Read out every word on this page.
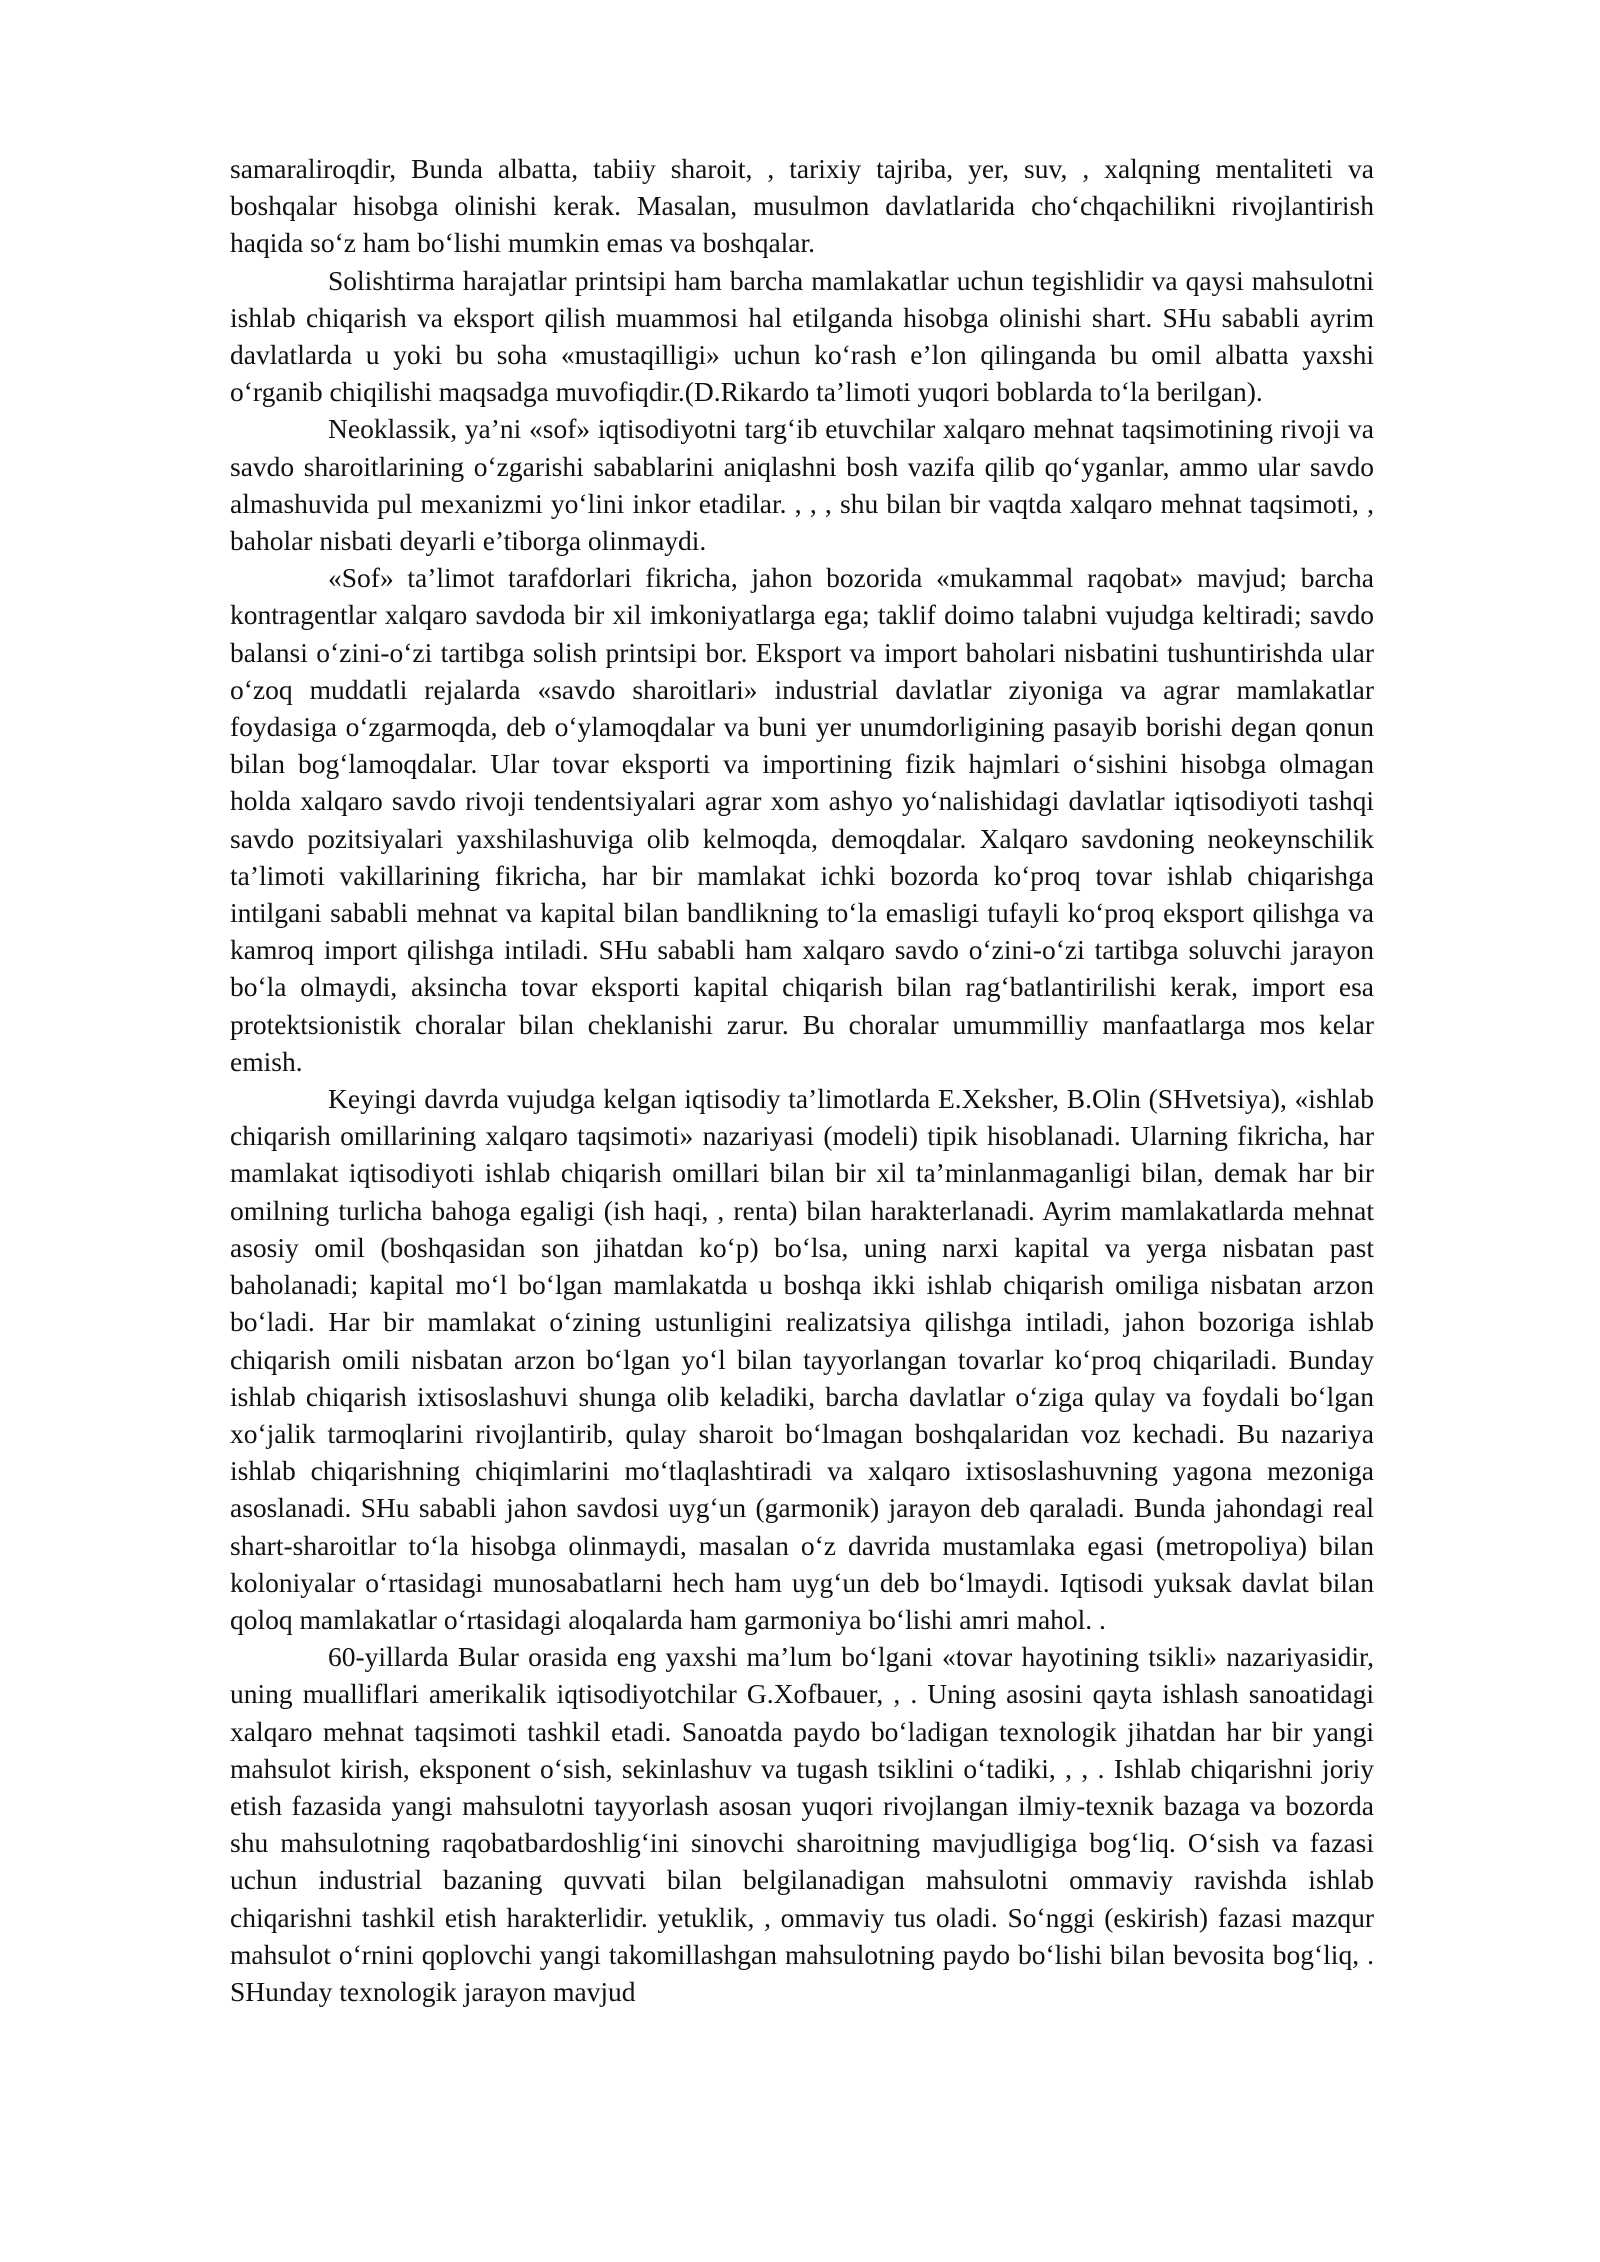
samaraliroqdir, Bunda albatta, tabiiy sharoit, , tarixiy tajriba, yer, suv, , xalqning mentaliteti va boshqalar hisobga olinishi kerak. Masalan, musulmon davlatlarida cho‘chqachilikni rivojlantirish haqida so‘z ham bo‘lishi mumkin emas va boshqalar.

Solishtirma harajatlar printsipi ham barcha mamlakatlar uchun tegishlidir va qaysi mahsulotni ishlab chiqarish va eksport qilish muammosi hal etilganda hisobga olinishi shart. SHu sababli ayrim davlatlarda u yoki bu soha «mustaqilligi» uchun ko‘rash e’lon qilinganda bu omil albatta yaxshi o‘rganib chiqilishi maqsadga muvofiqdir.(D.Rikardo ta’limoti yuqori boblarda to‘la berilgan).

Neoklassik, ya’ni «sof» iqtisodiyotni targ‘ib etuvchilar xalqaro mehnat taqsimotining rivoji va savdo sharoitlarining o‘zgarishi sabablarini aniqlashni bosh vazifa qilib qo‘yganlar, ammo ular savdo almashuvida pul mexanizmi yo‘lini inkor etadilar. , , , shu bilan bir vaqtda xalqaro mehnat taqsimoti, , baholar nisbati deyarli e’tiborga olinmaydi.

«Sof» ta’limot tarafdorlari fikricha, jahon bozorida «mukammal raqobat» mavjud; barcha kontragentlar xalqaro savdoda bir xil imkoniyatlarga ega; taklif doimo talabni vujudga keltiradi; savdo balansi o‘zini-o‘zi tartibga solish printsipi bor. Eksport va import baholari nisbatini tushuntirishda ular o‘zoq muddatli rejalarda «savdo sharoitlari» industrial davlatlar ziyoniga va agrar mamlakatlar foydasiga o‘zgarmoqda, deb o‘ylamoqdalar va buni yer unumdorligining pasayib borishi degan qonun bilan bog‘lamoqdalar. Ular tovar eksporti va importining fizik hajmlari o‘sishini hisobga olmagan holda xalqaro savdo rivoji tendentsiyalari agrar xom ashyo yo‘nalishidagi davlatlar iqtisodiyoti tashqi savdo pozitsiyalari yaxshilashuviga olib kelmoqda, demoqdalar. Xalqaro savdoning neokeynschilik ta’limoti vakillarining fikricha, har bir mamlakat ichki bozorda ko‘proq tovar ishlab chiqarishga intilgani sababli mehnat va kapital bilan bandlikning to‘la emasligi tufayli ko‘proq eksport qilishga va kamroq import qilishga intiladi. SHu sababli ham xalqaro savdo o‘zini-o‘zi tartibga soluvchi jarayon bo‘la olmaydi, aksincha tovar eksporti kapital chiqarish bilan rag‘batlantirilishi kerak, import esa protektsionistik choralar bilan cheklanishi zarur. Bu choralar umummilliy manfaatlarga mos kelar emish.

Keyingi davrda vujudga kelgan iqtisodiy ta’limotlarda E.Xeksher, B.Olin (SHvetsiya), «ishlab chiqarish omillarining xalqaro taqsimoti» nazariyasi (modeli) tipik hisoblanadi. Ularning fikricha, har mamlakat iqtisodiyoti ishlab chiqarish omillari bilan bir xil ta’minlanmaganligi bilan, demak har bir omilning turlicha bahoga egaligi (ish haqi, , renta) bilan harakterlanadi. Ayrim mamlakatlarda mehnat asosiy omil (boshqasidan son jihatdan ko‘p) bo‘lsa, uning narxi kapital va yerga nisbatan past baholanadi; kapital mo‘l bo‘lgan mamlakatda u boshqa ikki ishlab chiqarish omiliga nisbatan arzon bo‘ladi. Har bir mamlakat o‘zining ustunligini realizatsiya qilishga intiladi, jahon bozoriga ishlab chiqarish omili nisbatan arzon bo‘lgan yo‘l bilan tayyorlangan tovarlar ko‘proq chiqariladi. Bunday ishlab chiqarish ixtisoslashuvi shunga olib keladiki, barcha davlatlar o‘ziga qulay va foydali bo‘lgan xo‘jalik tarmoqlarini rivojlantirib, qulay sharoit bo‘lmagan boshqalaridan voz kechadi. Bu nazariya ishlab chiqarishning chiqimlarini mo‘tlaqlashtiradi va xalqaro ixtisoslashuvning yagona mezoniga asoslanadi. SHu sababli jahon savdosi uyg‘un (garmonik) jarayon deb qaraladi. Bunda jahondagi real shart-sharoitlar to‘la hisobga olinmaydi, masalan o‘z davrida mustamlaka egasi (metropoliya) bilan koloniyalar o‘rtasidagi munosabatlarni hech ham uyg‘un deb bo‘lmaydi. Iqtisodi yuksak davlat bilan qoloq mamlakatlar o‘rtasidagi aloqalarda ham garmoniya bo‘lishi amri mahol. .

60-yillarda Bular orasida eng yaxshi ma’lum bo‘lgani «tovar hayotining tsikli» nazariyasidir, uning mualliflari amerikalik iqtisodiyotchilar G.Xofbauer, , . Uning asosini qayta ishlash sanoatidagi xalqaro mehnat taqsimoti tashkil etadi. Sanoatda paydo bo‘ladigan texnologik jihatdan har bir yangi mahsulot kirish, eksponent o‘sish, sekinlashuv va tugash tsiklini o‘tadiki, , , . Ishlab chiqarishni joriy etish fazasida yangi mahsulotni tayyorlash asosan yuqori rivojlangan ilmiy-texnik bazaga va bozorda shu mahsulotning raqobatbardoshlig‘ini sinovchi sharoitning mavjudligiga bog‘liq. O‘sish va fazasi uchun industrial bazaning quvvati bilan belgilanadigan mahsulotni ommaviy ravishda ishlab chiqarishni tashkil etish harakterlidir. yetuklik, , ommaviy tus oladi. So‘nggi (eskirish) fazasi mazqur mahsulot o‘rnini qoplovchi yangi takomillashgan mahsulotning paydo bo‘lishi bilan bevosita bog‘liq, . SHunday texnologik jarayon mavjud
